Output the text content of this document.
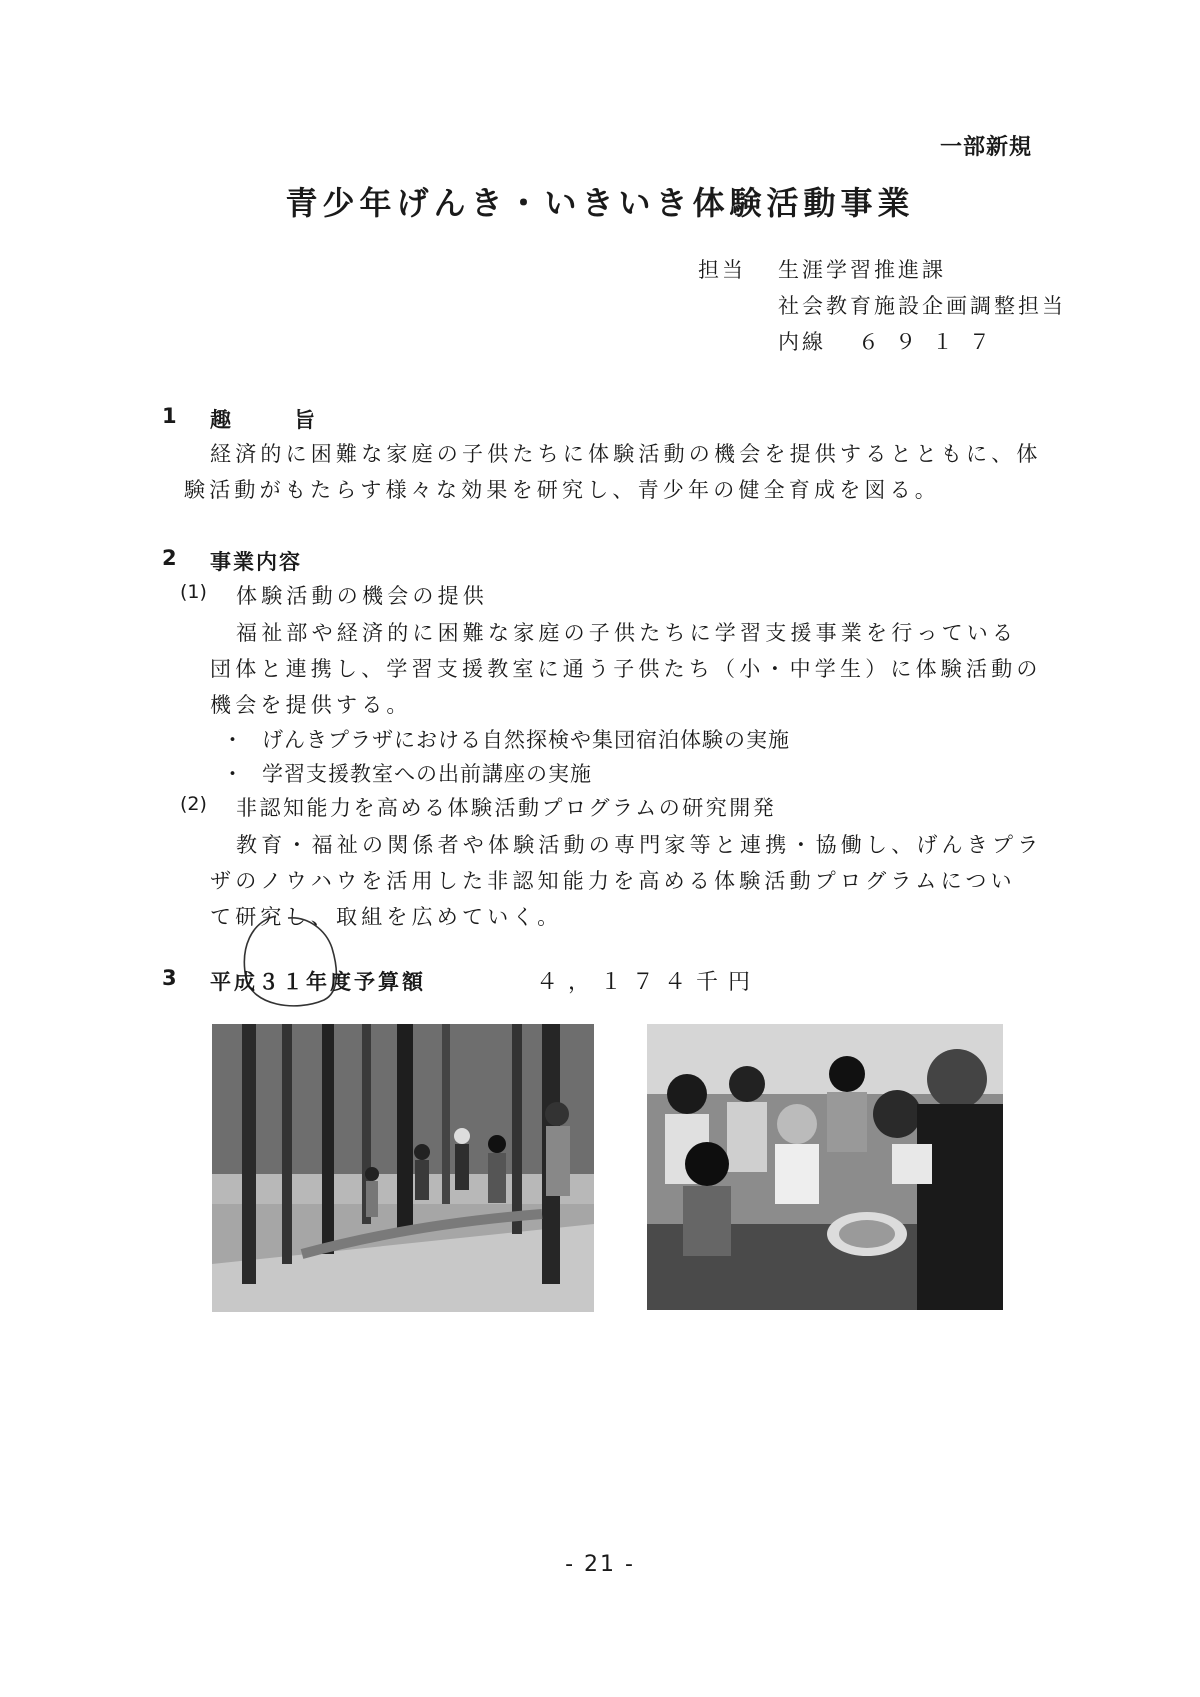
一部新規
青少年げんき・いきいき体験活動事業
担当 生涯学習推進課
社会教育施設企画調整担当
内線 ６９１７
1 趣	旨
経済的に困難な家庭の子供たちに体験活動の機会を提供するとともに、体
験活動がもたらす様々な効果を研究し、青少年の健全育成を図る。
2 事業内容
(1) 体験活動の機会の提供
福祉部や経済的に困難な家庭の子供たちに学習支援事業を行っている
団体と連携し、学習支援教室に通う子供たち（小・中学生）に体験活動の
機会を提供する。
・ げんきプラザにおける自然探検や集団宿泊体験の実施
・ 学習支援教室への出前講座の実施
(2) 非認知能力を高める体験活動プログラムの研究開発
教育・福祉の関係者や体験活動の専門家等と連携・協働し、げんきプラ
ザのノウハウを活用した非認知能力を高める体験活動プログラムについ
て研究し、取組を広めていく。
3 平成３１年度予算額	４，１７４千円
- 21 -
